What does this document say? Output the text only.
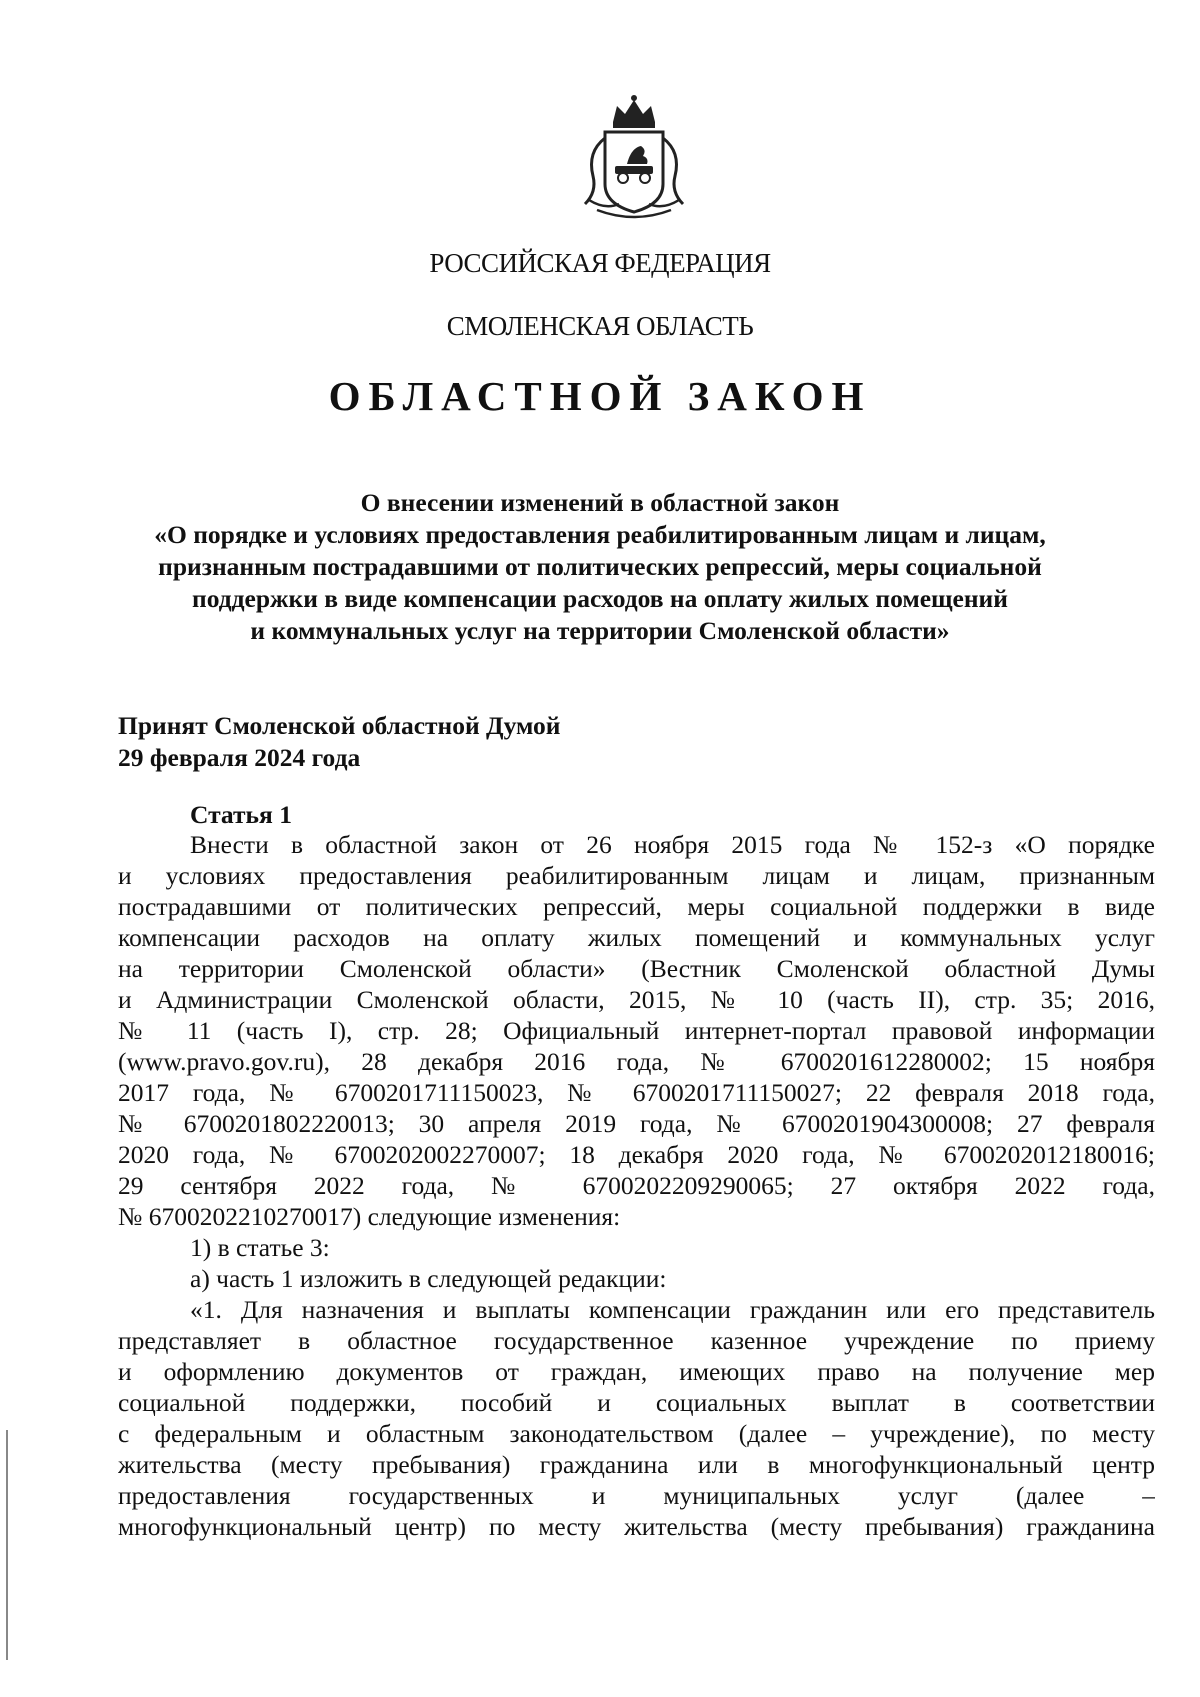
РОССИЙСКАЯ ФЕДЕРАЦИЯ
СМОЛЕНСКАЯ ОБЛАСТЬ
ОБЛАСТНОЙ ЗАКОН
О внесении изменений в областной закон
«О порядке и условиях предоставления реабилитированным лицам и лицам,
признанным пострадавшими от политических репрессий, меры социальной
поддержки в виде компенсации расходов на оплату жилых помещений
и коммунальных услуг на территории Смоленской области»
Принят Смоленской областной Думой
29 февраля 2024 года
Статья 1
Внести в областной закон от 26 ноября 2015 года № 152-з «О порядке
и условиях предоставления реабилитированным лицам и лицам, признанным
пострадавшими от политических репрессий, меры социальной поддержки в виде
компенсации расходов на оплату жилых помещений и коммунальных услуг
на территории Смоленской области» (Вестник Смоленской областной Думы
и Администрации Смоленской области, 2015, № 10 (часть II), стр. 35; 2016,
№ 11 (часть I), стр. 28; Официальный интернет-портал правовой информации
(www.pravo.gov.ru), 28 декабря 2016 года, № 6700201612280002; 15 ноября
2017 года, № 6700201711150023, № 6700201711150027; 22 февраля 2018 года,
№ 6700201802220013; 30 апреля 2019 года, № 6700201904300008; 27 февраля
2020 года, № 6700202002270007; 18 декабря 2020 года, № 6700202012180016;
29 сентября 2022 года, № 6700202209290065; 27 октября 2022 года,
№ 6700202210270017) следующие изменения:
1) в статье 3:
а) часть 1 изложить в следующей редакции:
«1. Для назначения и выплаты компенсации гражданин или его представитель
представляет в областное государственное казенное учреждение по приему
и оформлению документов от граждан, имеющих право на получение мер
социальной поддержки, пособий и социальных выплат в соответствии
с федеральным и областным законодательством (далее – учреждение), по месту
жительства (месту пребывания) гражданина или в многофункциональный центр
предоставления государственных и муниципальных услуг (далее –
многофункциональный центр) по месту жительства (месту пребывания) гражданина
